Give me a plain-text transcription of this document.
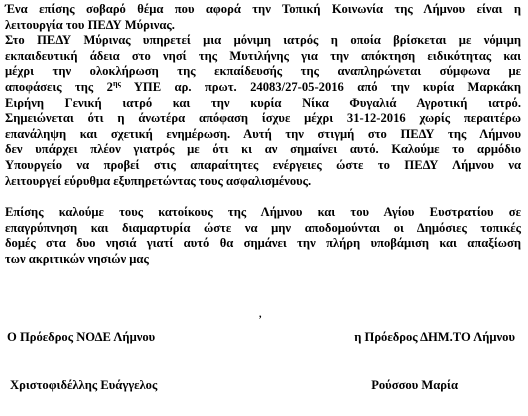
Ένα επίσης σοβαρό θέμα που αφορά την Τοπική Κοινωνία της Λήμνου είναι η
λειτουργία του ΠΕΔΥ Μύρινας.

Στο ΠΕΔΥ Μύρινας υπηρετεί μια μόνιμη ιατρός η οποία βρίσκεται με νόμιμη
εκπαιδευτική άδεια στο νησί της Μυτιλήνης για την απόκτηση ειδικότητας και
μέχρι την ολοκλήρωση της εκπαίδευσής της αναπληρώνεται σύμφωνα με
αποφάσεις της $2^{\eta\varsigma}$ ΥΠΕ αρ. πρωτ. 24083/27-05-2016 από την κυρία Μαρκάκη
Ειρήνη Γενική ιατρό και την κυρία Νίκα Φυγαλιά Αγροτική ιατρό.
Σημειώνεται ότι η άνωτέρα απόφαση ίσχυε μέχρι 31-12-2016 χωρίς περαιτέρω
επανάληψη και σχετική ενημέρωση. Αυτή την στιγμή στο ΠΕΔΥ της Λήμνου
δεν υπάρχει πλέον γιατρός με ότι κι αν σημαίνει αυτό. Καλούμε το αρμόδιο
Υπουργείο να προβεί στις απαραίτητες ενέργειες ώστε το ΠΕΔΥ Λήμνου να
λειτουργεί εύρυθμα εξυπηρετώντας τους ασφαλισμένους.

Επίσης καλούμε τους κατοίκους της Λήμνου και του Αγίου Ευστρατίου σε
επαγρύπνηση και διαμαρτυρία ώστε να μην αποδομούνται οι Δημόσιες τοπικές
δομές στα δυο νησιά γιατί αυτό θα σημάνει την πλήρη υποβάμιση και απαξίωση
των ακριτικών νησιών μας

,
Ο Πρόεδρος ΝΟΔΕ Λήμνου	η Πρόεδρος ΔΗΜ.ΤΟ Λήμνου
Χριστοφιδέλλης Ευάγγελος	Ρούσσου Μαρία
